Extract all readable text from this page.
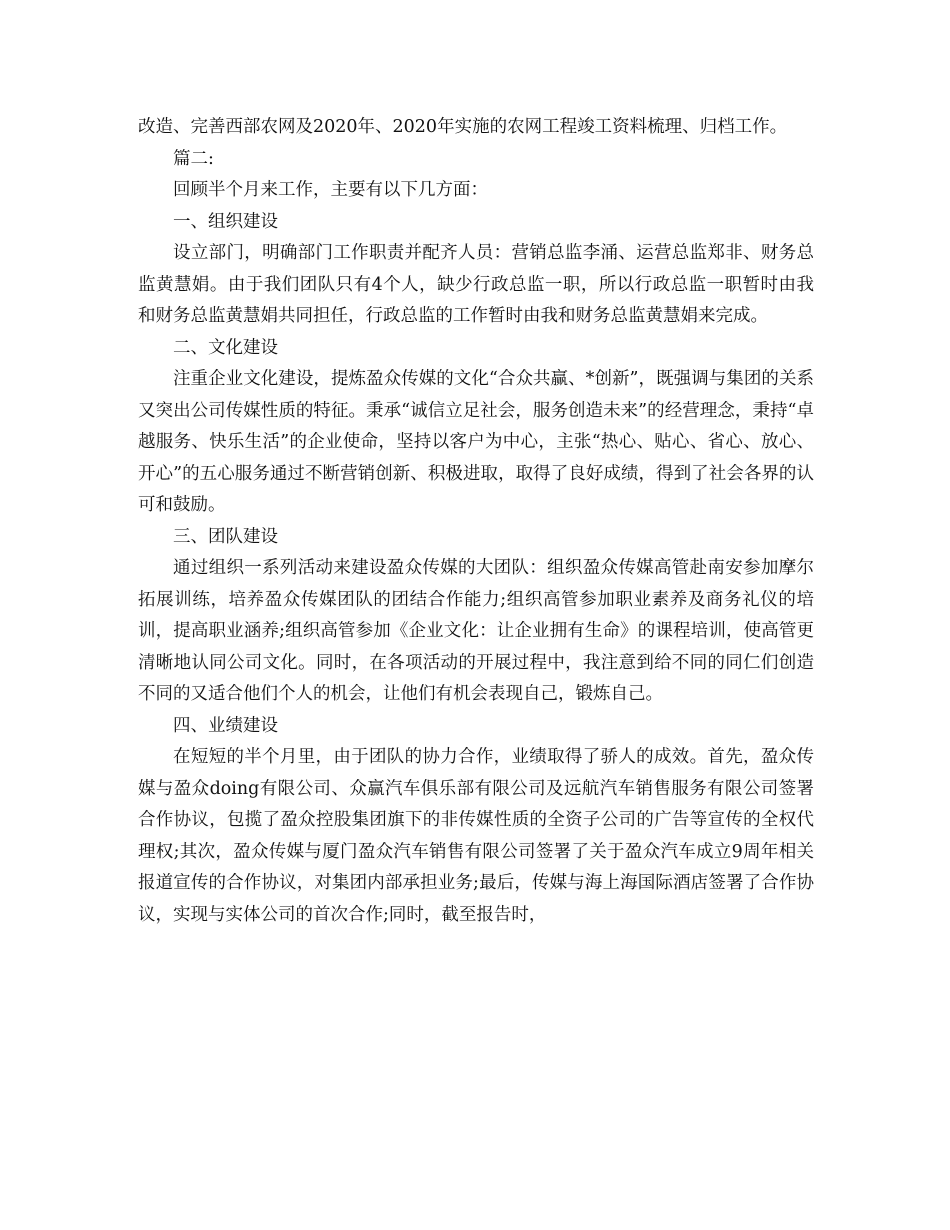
改造、完善西部农网及2020年、2020年实施的农网工程竣工资料梳理、归档工作。

篇二:

回顾半个月来工作，主要有以下几方面：

一、组织建设

设立部门，明确部门工作职责并配齐人员：营销总监李涌、运营总监郑非、财务总监黄慧娟。由于我们团队只有4个人，缺少行政总监一职，所以行政总监一职暂时由我和财务总监黄慧娟共同担任，行政总监的工作暂时由我和财务总监黄慧娟来完成。

二、文化建设

注重企业文化建设，提炼盈众传媒的文化“合众共赢、*创新”，既强调与集团的关系又突出公司传媒性质的特征。秉承“诚信立足社会，服务创造未来”的经营理念，秉持“卓越服务、快乐生活”的企业使命，坚持以客户为中心，主张“热心、贴心、省心、放心、开心”的五心服务通过不断营销创新、积极进取，取得了良好成绩，得到了社会各界的认可和鼓励。

三、团队建设

通过组织一系列活动来建设盈众传媒的大团队：组织盈众传媒高管赴南安参加摩尔拓展训练，培养盈众传媒团队的团结合作能力;组织高管参加职业素养及商务礼仪的培训，提高职业涵养;组织高管参加《企业文化：让企业拥有生命》的课程培训，使高管更清晰地认同公司文化。同时，在各项活动的开展过程中，我注意到给不同的同仁们创造不同的又适合他们个人的机会，让他们有机会表现自己，锻炼自己。

四、业绩建设

在短短的半个月里，由于团队的协力合作，业绩取得了骄人的成效。首先，盈众传媒与盈众doing有限公司、众赢汽车俱乐部有限公司及远航汽车销售服务有限公司签署合作协议，包揽了盈众控股集团旗下的非传媒性质的全资子公司的广告等宣传的全权代理权;其次，盈众传媒与厦门盈众汽车销售有限公司签署了关于盈众汽车成立9周年相关报道宣传的合作协议，对集团内部承担业务;最后，传媒与海上海国际酒店签署了合作协议，实现与实体公司的首次合作;同时，截至报告时，
